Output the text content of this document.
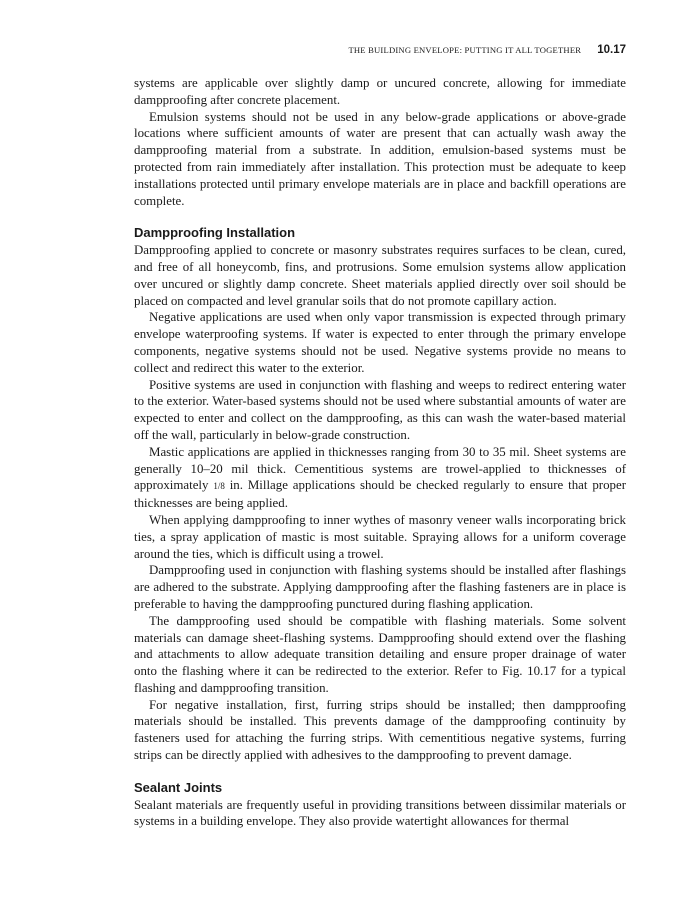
THE BUILDING ENVELOPE: PUTTING IT ALL TOGETHER 10.17

systems are applicable over slightly damp or uncured concrete, allowing for immediate dampproofing after concrete placement.

Emulsion systems should not be used in any below-grade applications or above-grade locations where sufficient amounts of water are present that can actually wash away the dampproofing material from a substrate. In addition, emulsion-based systems must be protected from rain immediately after installation. This protection must be adequate to keep installations protected until primary envelope materials are in place and backfill operations are complete.

Dampproofing Installation

Dampproofing applied to concrete or masonry substrates requires surfaces to be clean, cured, and free of all honeycomb, fins, and protrusions. Some emulsion systems allow application over uncured or slightly damp concrete. Sheet materials applied directly over soil should be placed on compacted and level granular soils that do not promote capillary action.

Negative applications are used when only vapor transmission is expected through primary envelope waterproofing systems. If water is expected to enter through the primary envelope components, negative systems should not be used. Negative systems provide no means to collect and redirect this water to the exterior.

Positive systems are used in conjunction with flashing and weeps to redirect entering water to the exterior. Water-based systems should not be used where substantial amounts of water are expected to enter and collect on the dampproofing, as this can wash the water-based material off the wall, particularly in below-grade construction.

Mastic applications are applied in thicknesses ranging from 30 to 35 mil. Sheet systems are generally 10–20 mil thick. Cementitious systems are trowel-applied to thicknesses of approximately 1/8 in. Millage applications should be checked regularly to ensure that proper thicknesses are being applied.

When applying dampproofing to inner wythes of masonry veneer walls incorporating brick ties, a spray application of mastic is most suitable. Spraying allows for a uniform coverage around the ties, which is difficult using a trowel.

Dampproofing used in conjunction with flashing systems should be installed after flashings are adhered to the substrate. Applying dampproofing after the flashing fasteners are in place is preferable to having the dampproofing punctured during flashing application.

The dampproofing used should be compatible with flashing materials. Some solvent materials can damage sheet-flashing systems. Dampproofing should extend over the flashing and attachments to allow adequate transition detailing and ensure proper drainage of water onto the flashing where it can be redirected to the exterior. Refer to Fig. 10.17 for a typical flashing and dampproofing transition.

For negative installation, first, furring strips should be installed; then dampproofing materials should be installed. This prevents damage of the dampproofing continuity by fasteners used for attaching the furring strips. With cementitious negative systems, furring strips can be directly applied with adhesives to the dampproofing to prevent damage.

Sealant Joints

Sealant materials are frequently useful in providing transitions between dissimilar materials or systems in a building envelope. They also provide watertight allowances for thermal
